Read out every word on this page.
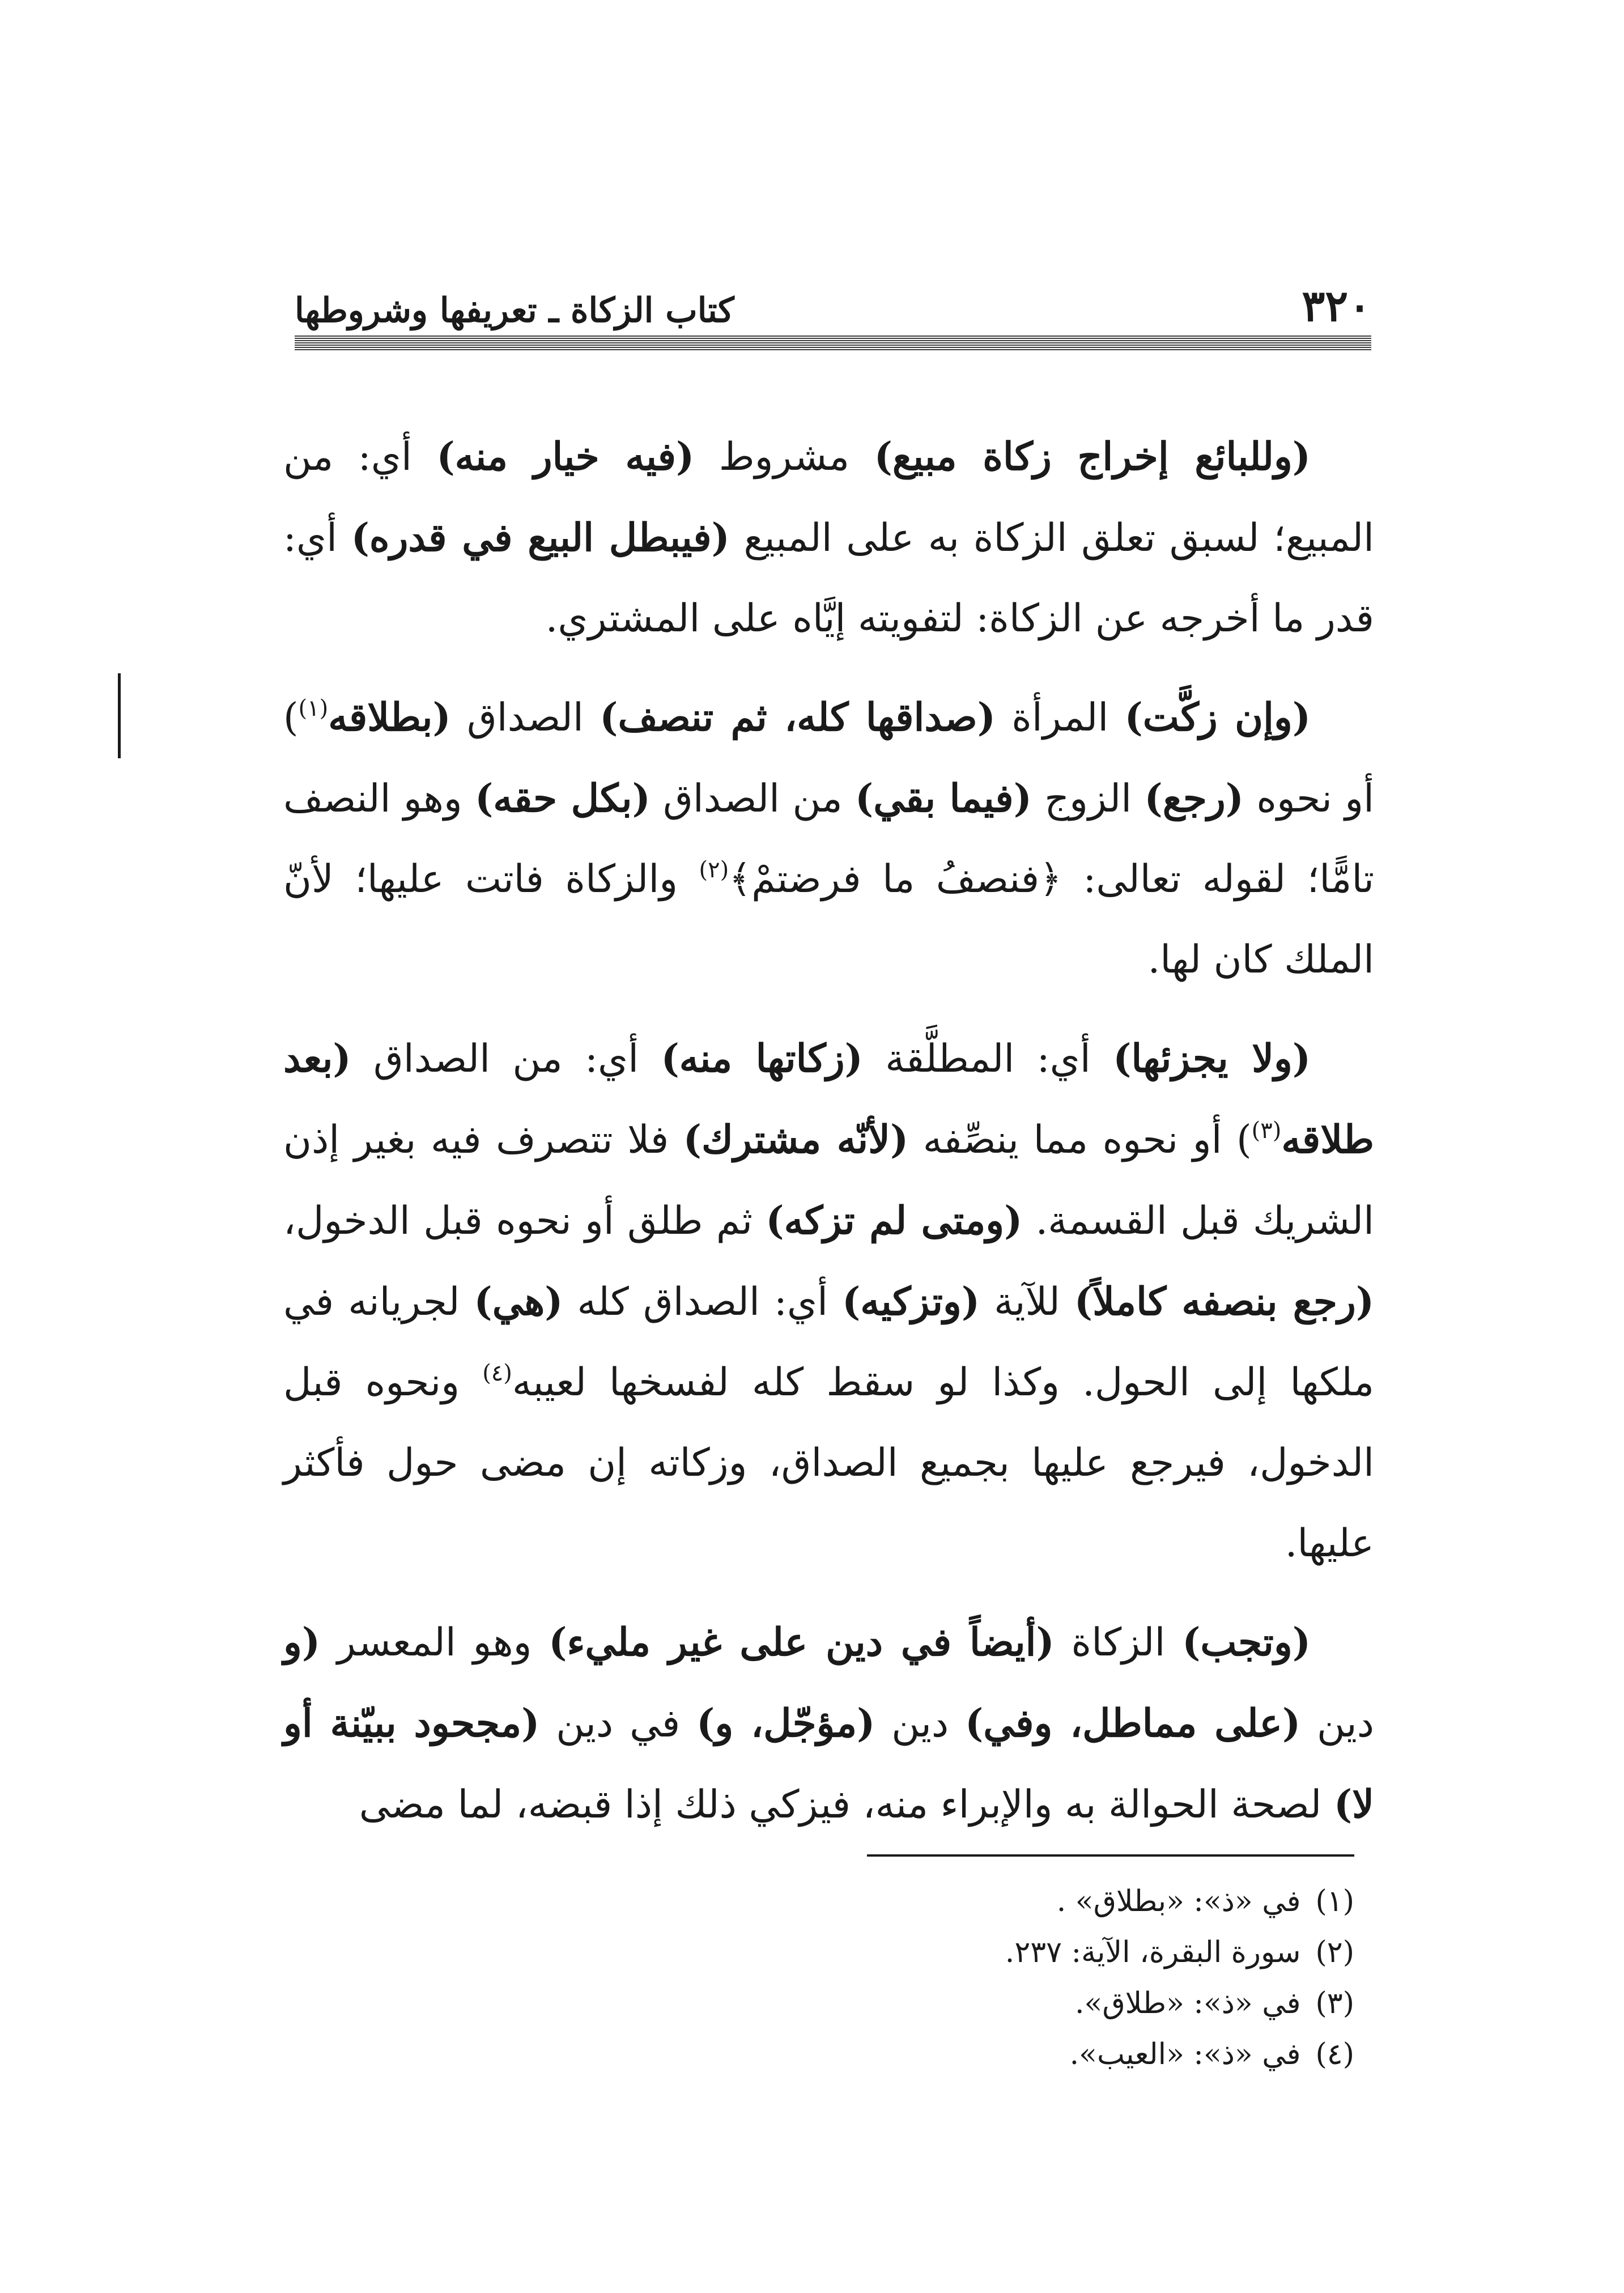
٣٢٠
كتاب الزكاة ـ تعريفها وشروطها

(وللبائع إخراج زكاة مبيع) مشروط (فيه خيار منه) أي: من المبيع؛ لسبق تعلق الزكاة به على المبيع (فيبطل البيع في قدره) أي: قدر ما أخرجه عن الزكاة: لتفويته إيَّاه على المشتري.

(وإن زكَّت) المرأة (صداقها كله، ثم تنصف) الصداق (بطلاقه$^{(١)}$) أو نحوه (رجع) الزوج (فيما بقي) من الصداق (بكل حقه) وهو النصف تامًّا؛ لقوله تعالى: ﴿فنصفُ ما فرضتمْ﴾$^{(٢)}$ والزكاة فاتت عليها؛ لأنّ الملك كان لها.

(ولا يجزئها) أي: المطلَّقة (زكاتها منه) أي: من الصداق (بعد طلاقه$^{(٣)}$) أو نحوه مما ينصِّفه (لأنّه مشترك) فلا تتصرف فيه بغير إذن الشريك قبل القسمة. (ومتى لم تزكه) ثم طلق أو نحوه قبل الدخول، (رجع بنصفه كاملاً) للآية (وتزكيه) أي: الصداق كله (هي) لجريانه في ملكها إلى الحول. وكذا لو سقط كله لفسخها لعيبه$^{(٤)}$ ونحوه قبل الدخول، فيرجع عليها بجميع الصداق، وزكاته إن مضى حول فأكثر عليها.

(وتجب) الزكاة (أيضاً في دين على غير مليء) وهو المعسر (و دين (على مماطل، وفي) دين (مؤجّل، و) في دين (مجحود ببيّنة أو لا) لصحة الحوالة به والإبراء منه، فيزكي ذلك إذا قبضه، لما مضى

(١)في «ذ»: «بطلاق» .
(٢)سورة البقرة، الآية: ٢٣٧.
(٣)في «ذ»: «طلاق».
(٤)في «ذ»: «العيب».
